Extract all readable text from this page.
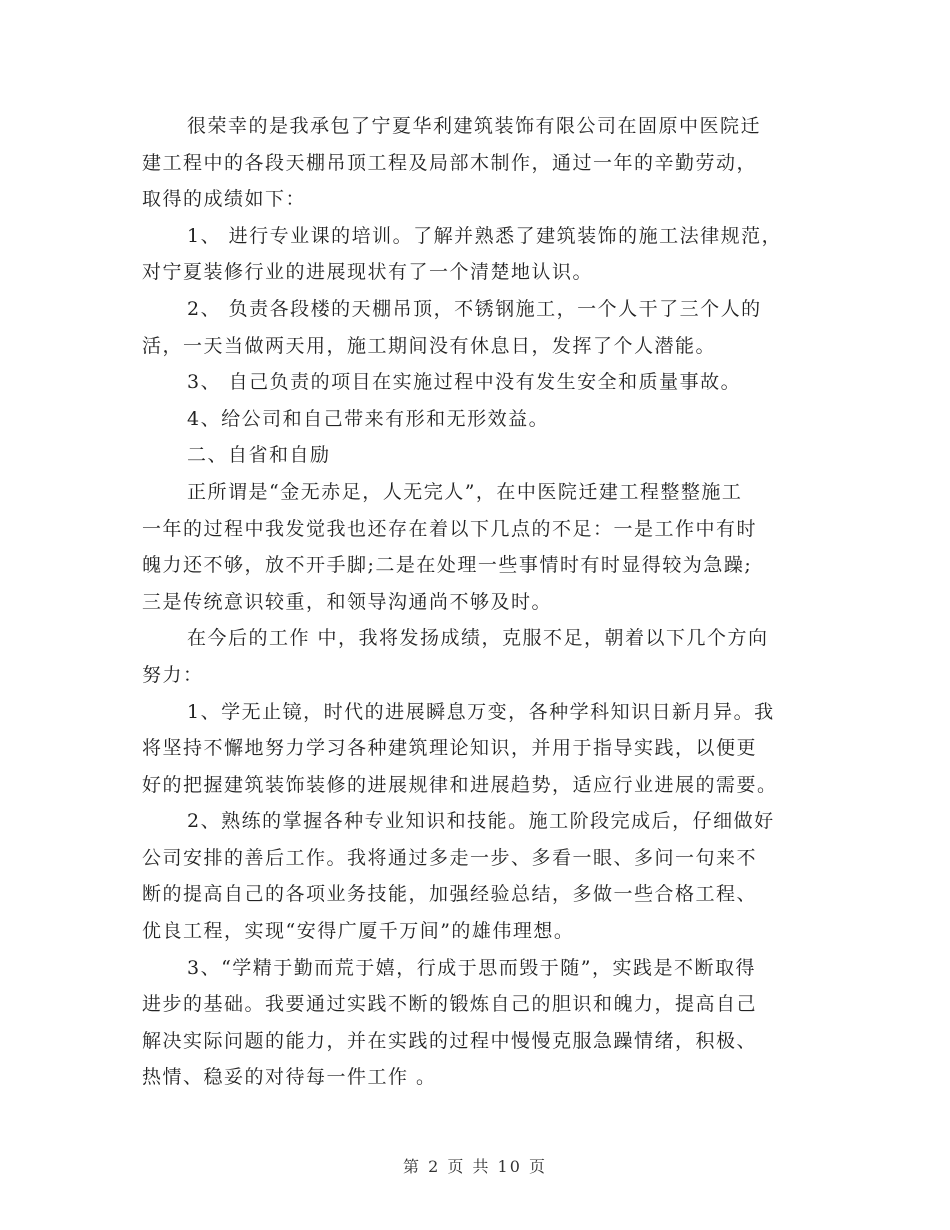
很荣幸的是我承包了宁夏华利建筑装饰有限公司在固原中医院迁
建工程中的各段天棚吊顶工程及局部木制作，通过一年的辛勤劳动，
取得的成绩如下：
1、 进行专业课的培训。了解并熟悉了建筑装饰的施工法律规范，
对宁夏装修行业的进展现状有了一个清楚地认识。
2、 负责各段楼的天棚吊顶，不锈钢施工，一个人干了三个人的
活，一天当做两天用，施工期间没有休息日，发挥了个人潜能。
3、 自己负责的项目在实施过程中没有发生安全和质量事故。
4、给公司和自己带来有形和无形效益。
二、自省和自励
正所谓是“金无赤足，人无完人”，在中医院迁建工程整整施工
一年的过程中我发觉我也还存在着以下几点的不足：一是工作中有时
魄力还不够，放不开手脚;二是在处理一些事情时有时显得较为急躁;
三是传统意识较重，和领导沟通尚不够及时。
在今后的工作 中，我将发扬成绩，克服不足，朝着以下几个方向
努力：
1、学无止镜，时代的进展瞬息万变，各种学科知识日新月异。我
将坚持不懈地努力学习各种建筑理论知识，并用于指导实践，以便更
好的把握建筑装饰装修的进展规律和进展趋势，适应行业进展的需要。
2、熟练的掌握各种专业知识和技能。施工阶段完成后，仔细做好
公司安排的善后工作。我将通过多走一步、多看一眼、多问一句来不
断的提高自己的各项业务技能，加强经验总结，多做一些合格工程、
优良工程，实现“安得广厦千万间”的雄伟理想。
3、“学精于勤而荒于嬉，行成于思而毁于随”，实践是不断取得
进步的基础。我要通过实践不断的锻炼自己的胆识和魄力，提高自己
解决实际问题的能力，并在实践的过程中慢慢克服急躁情绪，积极、
热情、稳妥的对待每一件工作 。
第 2 页 共 10 页
